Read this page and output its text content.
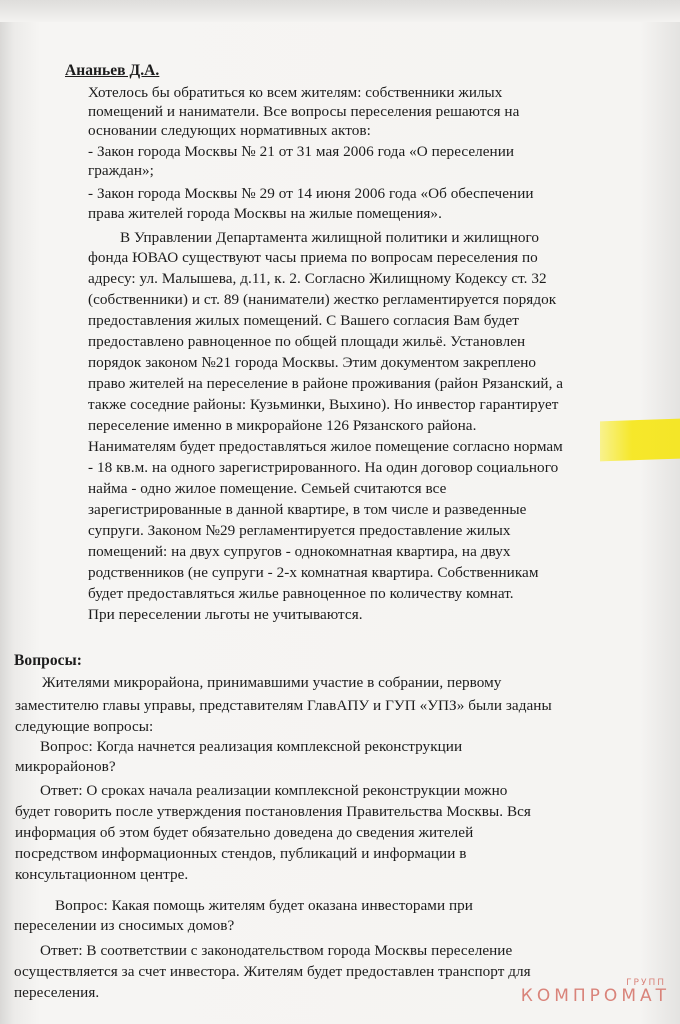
Ананьев Д.А.
Хотелось бы обратиться ко всем жителям: собственники жилых
помещений и наниматели. Все вопросы переселения решаются на
основании следующих нормативных актов:
- Закон города Москвы № 21 от 31 мая 2006 года «О переселении
граждан»;
- Закон города Москвы № 29 от 14 июня 2006 года «Об обеспечении
права жителей города Москвы на жилые помещения».
В Управлении Департамента жилищной политики и жилищного
фонда ЮВАО существуют часы приема по вопросам переселения по
адресу: ул. Малышева, д.11, к. 2. Согласно Жилищному Кодексу ст. 32
(собственники) и ст. 89 (наниматели) жестко регламентируется порядок
предоставления жилых помещений. С Вашего согласия Вам будет
предоставлено равноценное по общей площади жильё. Установлен
порядок законом №21 города Москвы. Этим документом закреплено
право жителей на переселение в районе проживания (район Рязанский, а
также соседние районы: Кузьминки, Выхино). Но инвестор гарантирует
переселение именно в микрорайоне 126 Рязанского района.
Нанимателям будет предоставляться жилое помещение согласно нормам
- 18 кв.м. на одного зарегистрированного. На один договор социального
найма - одно жилое помещение. Семьей считаются все
зарегистрированные в данной квартире, в том числе и разведенные
супруги. Законом №29 регламентируется предоставление жилых
помещений: на двух супругов - однокомнатная квартира, на двух
родственников (не супруги - 2-х комнатная квартира. Собственникам
будет предоставляться жилье равноценное по количеству комнат.
При переселении льготы не учитываются.
Вопросы:
Жителями микрорайона, принимавшими участие в собрании, первому
заместителю главы управы, представителям ГлавАПУ и ГУП «УПЗ» были заданы
следующие вопросы:
Вопрос: Когда начнется реализация комплексной реконструкции
микрорайонов?
Ответ: О сроках начала реализации комплексной реконструкции можно
будет говорить после утверждения постановления Правительства Москвы. Вся
информация об этом будет обязательно доведена до сведения жителей
посредством информационных стендов, публикаций и информации в
консультационном центре.
Вопрос: Какая помощь жителям будет оказана инвесторами при
переселении из сносимых домов?
Ответ: В соответствии с законодательством города Москвы переселение
осуществляется за счет инвестора. Жителям будет предоставлен транспорт для
переселения.
ГРУПП
КОМПРОМАТ
